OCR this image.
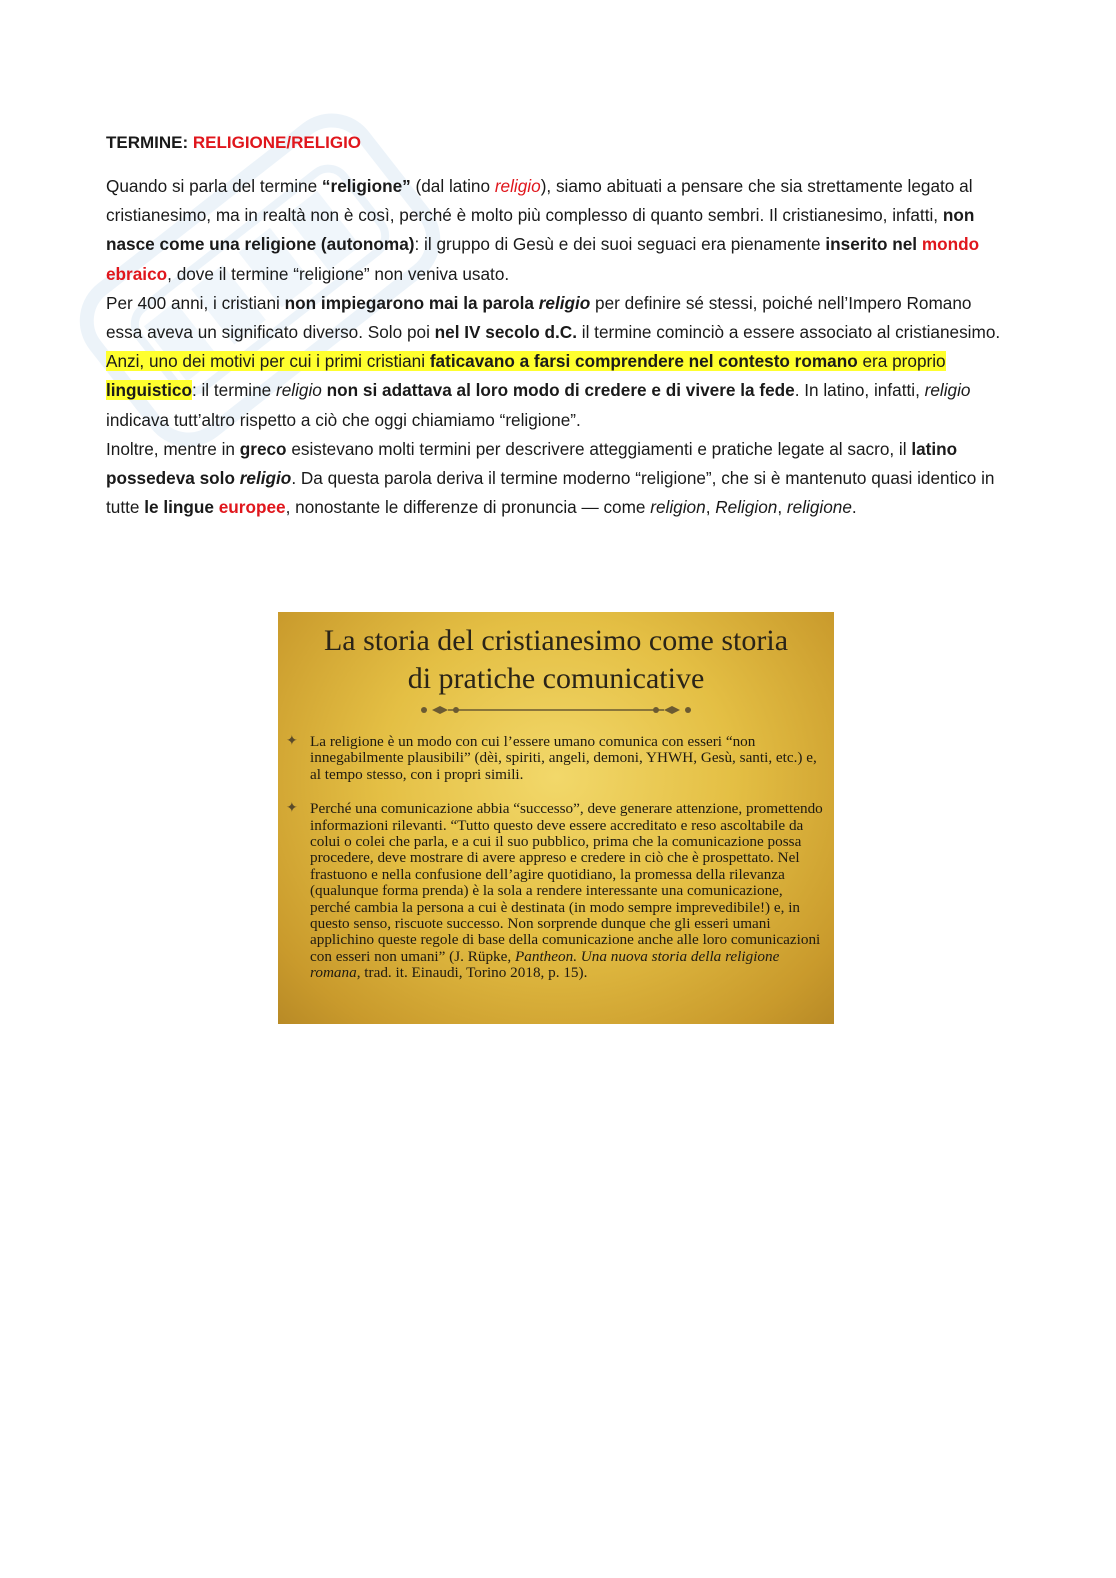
TERMINE: RELIGIONE/RELIGIO

Quando si parla del termine “religione” (dal latino religio), siamo abituati a pensare che sia strettamente legato al cristianesimo, ma in realtà non è così, perché è molto più complesso di quanto sembri. Il cristianesimo, infatti, non nasce come una religione (autonoma): il gruppo di Gesù e dei suoi seguaci era pienamente inserito nel mondo ebraico, dove il termine “religione” non veniva usato.

Per 400 anni, i cristiani non impiegarono mai la parola religio per definire sé stessi, poiché nell’Impero Romano essa aveva un significato diverso. Solo poi nel IV secolo d.C. il termine cominciò a essere associato al cristianesimo.

Anzi, uno dei motivi per cui i primi cristiani faticavano a farsi comprendere nel contesto romano era proprio linguistico: il termine religio non si adattava al loro modo di credere e di vivere la fede. In latino, infatti, religio indicava tutt’altro rispetto a ciò che oggi chiamiamo “religione”.

Inoltre, mentre in greco esistevano molti termini per descrivere atteggiamenti e pratiche legate al sacro, il latino possedeva solo religio. Da questa parola deriva il termine moderno “religione”, che si è mantenuto quasi identico in tutte le lingue europee, nonostante le differenze di pronuncia — come religion, Religion, religione.

La storia del cristianesimo come storia
di pratiche comunicative
✦ La religione è un modo con cui l’essere umano comunica con esseri “non innegabilmente plausibili” (dèi, spiriti, angeli, demoni, YHWH, Gesù, santi, etc.) e, al tempo stesso, con i propri simili.
✦ Perché una comunicazione abbia “successo”, deve generare attenzione, promettendo informazioni rilevanti. “Tutto questo deve essere accreditato e reso ascoltabile da colui o colei che parla, e a cui il suo pubblico, prima che la comunicazione possa procedere, deve mostrare di avere appreso e credere in ciò che è prospettato. Nel frastuono e nella confusione dell’agire quotidiano, la promessa della rilevanza (qualunque forma prenda) è la sola a rendere interessante una comunicazione, perché cambia la persona a cui è destinata (in modo sempre imprevedibile!) e, in questo senso, riscuote successo. Non sorprende dunque che gli esseri umani applichino queste regole di base della comunicazione anche alle loro comunicazioni con esseri non umani” (J. Rüpke, Pantheon. Una nuova storia della religione romana, trad. it. Einaudi, Torino 2018, p. 15).
